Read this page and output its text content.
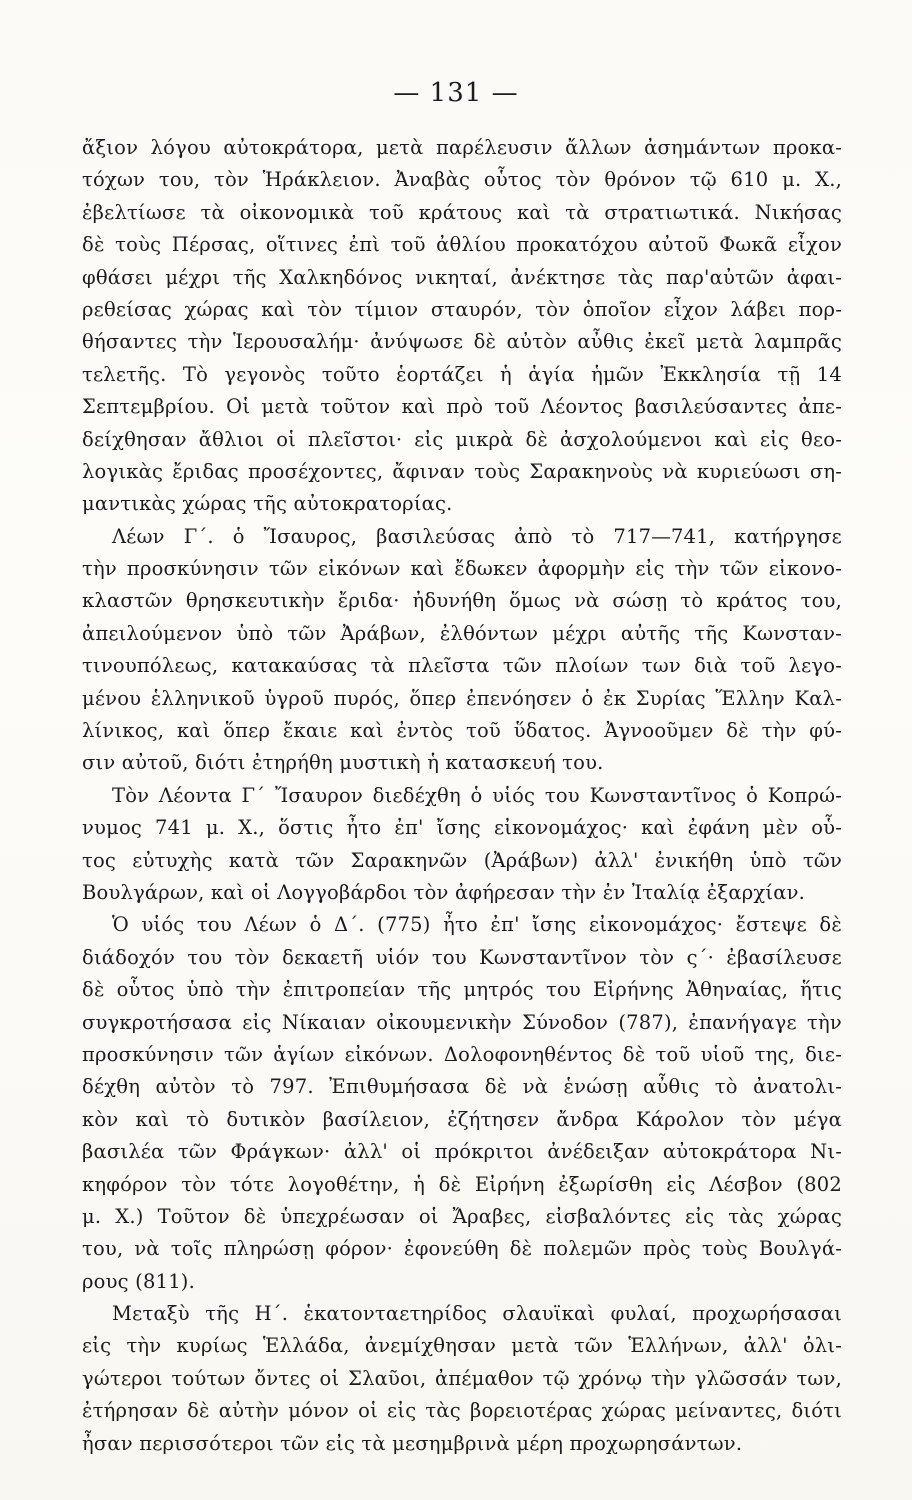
— 131 —
ἄξιον λόγου αὐτοκράτορα, μετὰ παρέλευσιν ἄλλων ἀσημάντων προκα-
τόχων του, τὸν Ἡράκλειον. Ἀναβὰς οὗτος τὸν θρόνον τῷ 610 μ. Χ.,
ἐβελτίωσε τὰ οἰκονομικὰ τοῦ κράτους καὶ τὰ στρατιωτικά. Νικήσας
δὲ τοὺς Πέρσας, οἵτινες ἐπὶ τοῦ ἀθλίου προκατόχου αὐτοῦ Φωκᾶ εἶχον
φθάσει μέχρι τῆς Χαλκηδόνος νικηταί, ἀνέκτησε τὰς παρ'αὐτῶν ἀφαι-
ρεθείσας χώρας καὶ τὸν τίμιον σταυρόν, τὸν ὁποῖον εἶχον λάβει πορ-
θήσαντες τὴν Ἱερουσαλήμ· ἀνύψωσε δὲ αὐτὸν αὖθις ἐκεῖ μετὰ λαμπρᾶς
τελετῆς. Τὸ γεγονὸς τοῦτο ἑορτάζει ἡ ἁγία ἡμῶν Ἐκκλησία τῇ 14
Σεπτεμβρίου. Οἱ μετὰ τοῦτον καὶ πρὸ τοῦ Λέοντος βασιλεύσαντες ἀπε-
δείχθησαν ἄθλιοι οἱ πλεῖστοι· εἰς μικρὰ δὲ ἀσχολούμενοι καὶ εἰς θεο-
λογικὰς ἔριδας προσέχοντες, ἄφιναν τοὺς Σαρακηνοὺς νὰ κυριεύωσι ση-
μαντικὰς χώρας τῆς αὐτοκρατορίας.
Λέων Γ΄. ὁ Ἴσαυρος, βασιλεύσας ἀπὸ τὸ 717—741, κατήργησε
τὴν προσκύνησιν τῶν εἰκόνων καὶ ἔδωκεν ἀφορμὴν εἰς τὴν τῶν εἰκονο-
κλαστῶν θρησκευτικὴν ἔριδα· ἠδυνήθη ὅμως νὰ σώσῃ τὸ κράτος του,
ἀπειλούμενον ὑπὸ τῶν Ἀράβων, ἐλθόντων μέχρι αὐτῆς τῆς Κωνσταν-
τινουπόλεως, κατακαύσας τὰ πλεῖστα τῶν πλοίων των διὰ τοῦ λεγο-
μένου ἑλληνικοῦ ὑγροῦ πυρός, ὅπερ ἐπενόησεν ὁ ἐκ Συρίας Ἕλλην Καλ-
λίνικος, καὶ ὅπερ ἔκαιε καὶ ἐντὸς τοῦ ὕδατος. Ἀγνοοῦμεν δὲ τὴν φύ-
σιν αὐτοῦ, διότι ἐτηρήθη μυστικὴ ἡ κατασκευή του.
Τὸν Λέοντα Γ΄ Ἴσαυρον διεδέχθη ὁ υἱός του Κωνσταντῖνος ὁ Κοπρώ-
νυμος 741 μ. Χ., ὅστις ἦτο ἐπ' ἴσης εἰκονομάχος· καὶ ἐφάνη μὲν οὗ-
τος εὐτυχὴς κατὰ τῶν Σαρακηνῶν (Ἀράβων) ἀλλ' ἐνικήθη ὑπὸ τῶν
Βουλγάρων, καὶ οἱ Λογγοβάρδοι τὸν ἀφήρεσαν τὴν ἐν Ἰταλίᾳ ἐξαρχίαν.
Ὁ υἱός του Λέων ὁ Δ΄. (775) ἦτο ἐπ' ἴσης εἰκονομάχος· ἔστεψε δὲ
διάδοχόν του τὸν δεκαετῆ υἱόν του Κωνσταντῖνον τὸν ς΄· ἐβασίλευσε
δὲ οὗτος ὑπὸ τὴν ἐπιτροπείαν τῆς μητρός του Εἰρήνης Ἀθηναίας, ἥτις
συγκροτήσασα εἰς Νίκαιαν οἰκουμενικὴν Σύνοδον (787), ἐπανήγαγε τὴν
προσκύνησιν τῶν ἁγίων εἰκόνων. Δολοφονηθέντος δὲ τοῦ υἱοῦ της, διε-
δέχθη αὐτὸν τὸ 797. Ἐπιθυμήσασα δὲ νὰ ἑνώσῃ αὖθις τὸ ἀνατολι-
κὸν καὶ τὸ δυτικὸν βασίλειον, ἐζήτησεν ἄνδρα Κάρολον τὸν μέγα
βασιλέα τῶν Φράγκων· ἀλλ' οἱ πρόκριτοι ἀνέδειξαν αὐτοκράτορα Νι-
κηφόρον τὸν τότε λογοθέτην, ἡ δὲ Εἰρήνη ἐξωρίσθη εἰς Λέσβον (802
μ. Χ.) Τοῦτον δὲ ὑπεχρέωσαν οἱ Ἄραβες, εἰσβαλόντες εἰς τὰς χώρας
του, νὰ τοῖς πληρώσῃ φόρον· ἐφονεύθη δὲ πολεμῶν πρὸς τοὺς Βουλγά-
ρους (811).
Μεταξὺ τῆς Η΄. ἑκατονταετηρίδος σλαυϊκαὶ φυλαί, προχωρήσασαι
εἰς τὴν κυρίως Ἑλλάδα, ἀνεμίχθησαν μετὰ τῶν Ἑλλήνων, ἀλλ' ὀλι-
γώτεροι τούτων ὄντες οἱ Σλαῦοι, ἀπέμαθον τῷ χρόνῳ τὴν γλῶσσάν των,
ἐτήρησαν δὲ αὐτὴν μόνον οἱ εἰς τὰς βορειοτέρας χώρας μείναντες, διότι
ἦσαν περισσότεροι τῶν εἰς τὰ μεσημβρινὰ μέρη προχωρησάντων.
